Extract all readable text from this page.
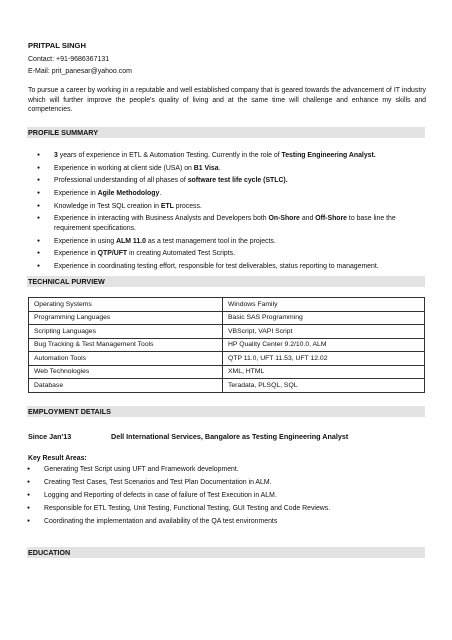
PRITPAL SINGH
Contact: +91-9686367131
E-Mail: prit_panesar@yahoo.com
To pursue a career by working in a reputable and well established company that is geared towards the advancement of IT industry which will further improve the people's quality of living and at the same time will challenge and enhance my skills and competencies.
PROFILE SUMMARY
● 3 years of experience in ETL & Automation Testing. Currently in the role of Testing Engineering Analyst.
● Experience in working at client side (USA) on B1 Visa.
● Professional understanding of all phases of software test life cycle (STLC).
● Experience in Agile Methodology.
● Knowledge in Test SQL creation in ETL process.
● Experience in interacting with Business Analysts and Developers both On-Shore and Off-Shore to base line the requirement specifications.
● Experience in using ALM 11.0 as a test management tool in the projects.
● Experience in QTP/UFT in creating Automated Test Scripts.
● Experience in coordinating testing effort, responsible for test deliverables, status reporting to management.
TECHNICAL PURVIEW
Operating Systems	Windows Family
Programming Languages	Basic SAS Programming
Scripting Languages	VBScript, VAPI Script
Bug Tracking & Test Management Tools	HP Quality Center 9.2/10.0, ALM
Automation Tools	QTP 11.0, UFT 11.53, UFT 12.02
Web Technologies	XML, HTML
Database	Teradata, PLSQL, SQL
EMPLOYMENT DETAILS
Since Jan'13	Dell International Services, Bangalore as Testing Engineering Analyst
Key Result Areas:
● Generating Test Script using UFT and Framework development.
● Creating Test Cases, Test Scenarios and Test Plan Documentation in ALM.
● Logging and Reporting of defects in case of failure of Test Execution in ALM.
● Responsible for ETL Testing, Unit Testing, Functional Testing, GUI Testing and Code Reviews.
● Coordinating the implementation and availability of the QA test environments
EDUCATION
